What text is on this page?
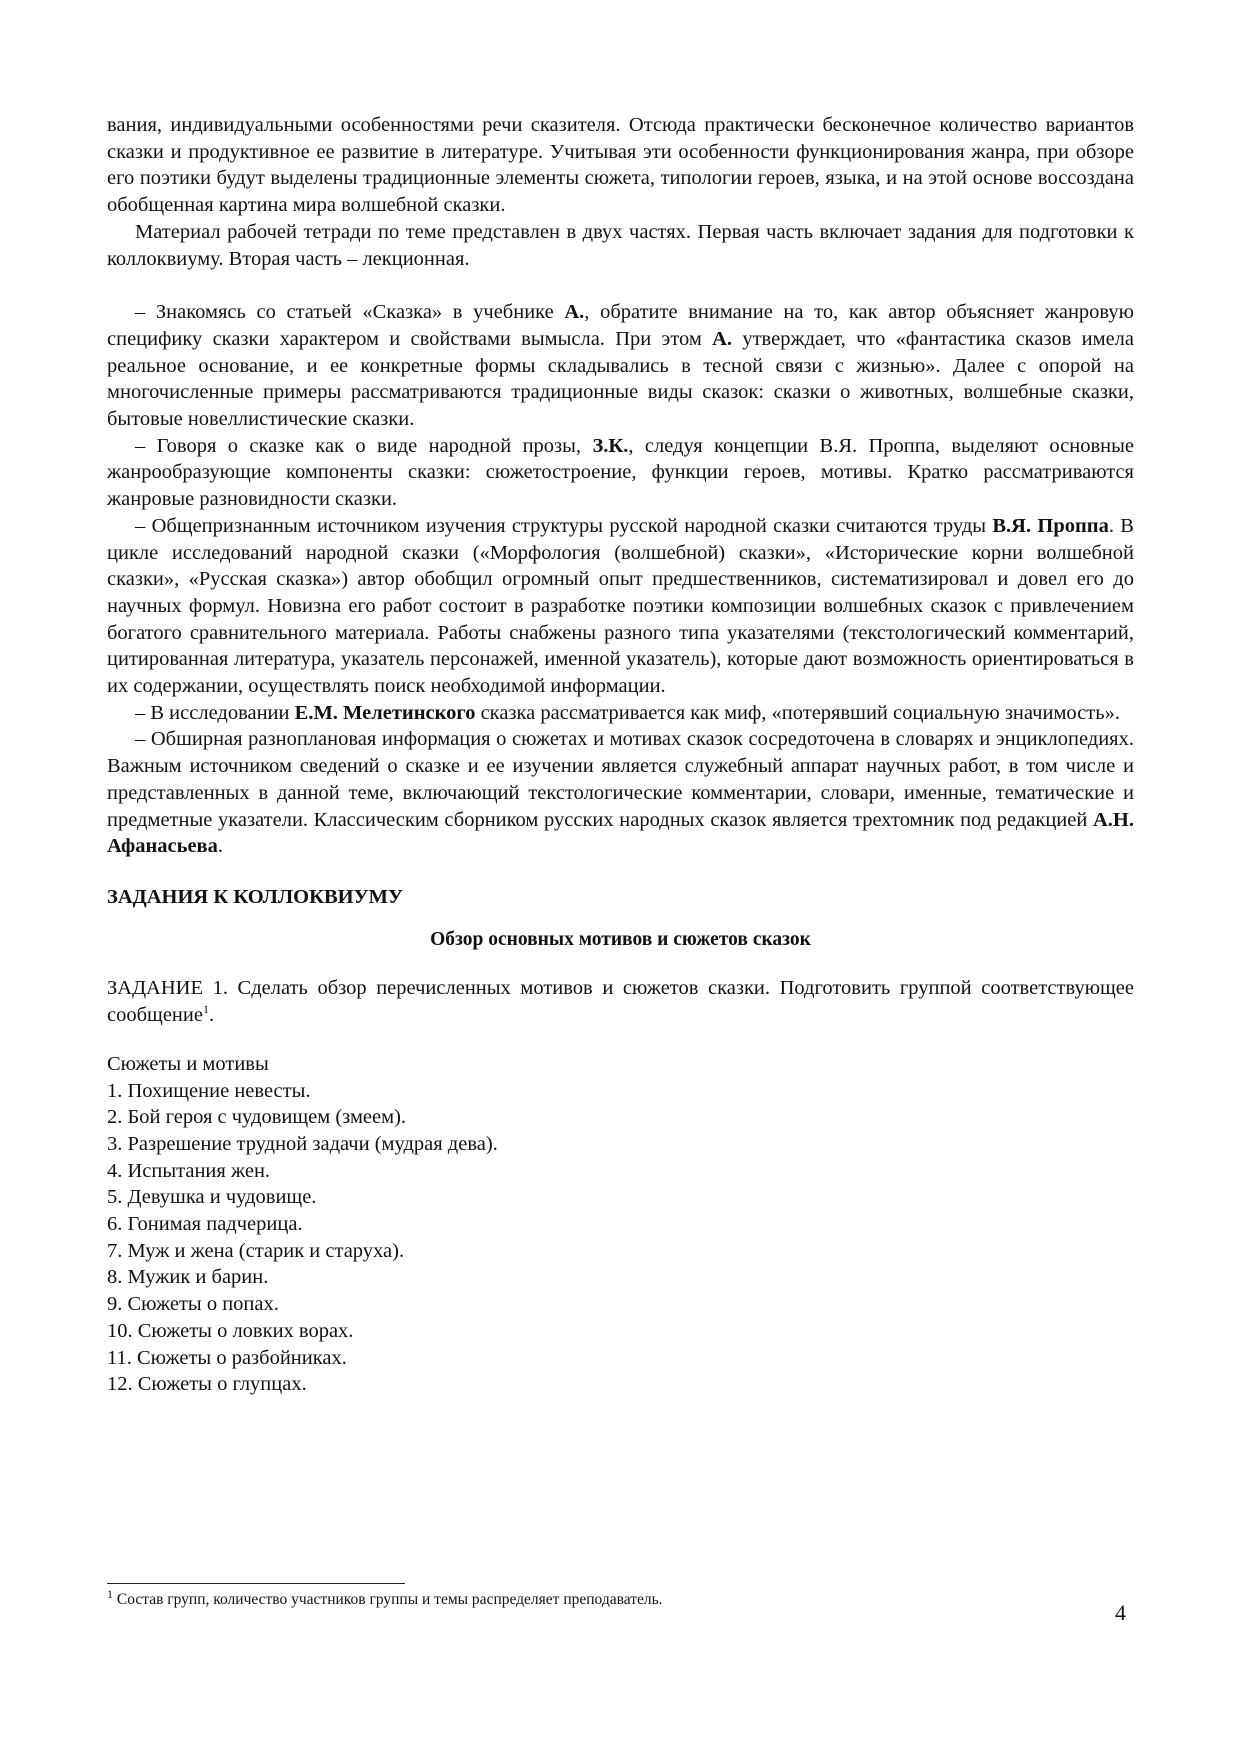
вания, индивидуальными особенностями речи сказителя. Отсюда практически бесконечное количество вариантов сказки и продуктивное ее развитие в литературе. Учитывая эти особенности функционирования жанра, при обзоре его поэтики будут выделены традиционные элементы сюжета, типологии героев, языка, и на этой основе воссоздана обобщенная картина мира волшебной сказки.

Материал рабочей тетради по теме представлен в двух частях. Первая часть включает задания для подготовки к коллоквиуму. Вторая часть – лекционная.

– Знакомясь со статьей «Сказка» в учебнике А., обратите внимание на то, как автор объясняет жанровую специфику сказки характером и свойствами вымысла. При этом А. утверждает, что «фантастика сказов имела реальное основание, и ее конкретные формы складывались в тесной связи с жизнью». Далее с опорой на многочисленные примеры рассматриваются традиционные виды сказок: сказки о животных, волшебные сказки, бытовые новеллистические сказки.

– Говоря о сказке как о виде народной прозы, З.К., следуя концепции В.Я. Проппа, выделяют основные жанрообразующие компоненты сказки: сюжетостроение, функции героев, мотивы. Кратко рассматриваются жанровые разновидности сказки.

– Общепризнанным источником изучения структуры русской народной сказки считаются труды В.Я. Проппа. В цикле исследований народной сказки («Морфология (волшебной) сказки», «Исторические корни волшебной сказки», «Русская сказка») автор обобщил огромный опыт предшественников, систематизировал и довел его до научных формул. Новизна его работ состоит в разработке поэтики композиции волшебных сказок с привлечением богатого сравнительного материала. Работы снабжены разного типа указателями (текстологический комментарий, цитированная литература, указатель персонажей, именной указатель), которые дают возможность ориентироваться в их содержании, осуществлять поиск необходимой информации.

– В исследовании Е.М. Мелетинского сказка рассматривается как миф, «потерявший социальную значимость».

– Обширная разноплановая информация о сюжетах и мотивах сказок сосредоточена в словарях и энциклопедиях. Важным источником сведений о сказке и ее изучении является служебный аппарат научных работ, в том числе и представленных в данной теме, включающий текстологические комментарии, словари, именные, тематические и предметные указатели. Классическим сборником русских народных сказок является трехтомник под редакцией А.Н. Афанасьева.

ЗАДАНИЯ К КОЛЛОКВИУМУ

Обзор основных мотивов и сюжетов сказок

ЗАДАНИЕ 1. Сделать обзор перечисленных мотивов и сюжетов сказки. Подготовить группой соответствующее сообщение$^1$.

Сюжеты и мотивы

1. Похищение невесты.
2. Бой героя с чудовищем (змеем).
3. Разрешение трудной задачи (мудрая дева).
4. Испытания жен.
5. Девушка и чудовище.
6. Гонимая падчерица.
7. Муж и жена (старик и старуха).
8. Мужик и барин.
9. Сюжеты о попах.
10. Сюжеты о ловких ворах.
11. Сюжеты о разбойниках.
12. Сюжеты о глупцах.
$^1$ Состав групп, количество участников группы и темы распределяет преподаватель.
4
